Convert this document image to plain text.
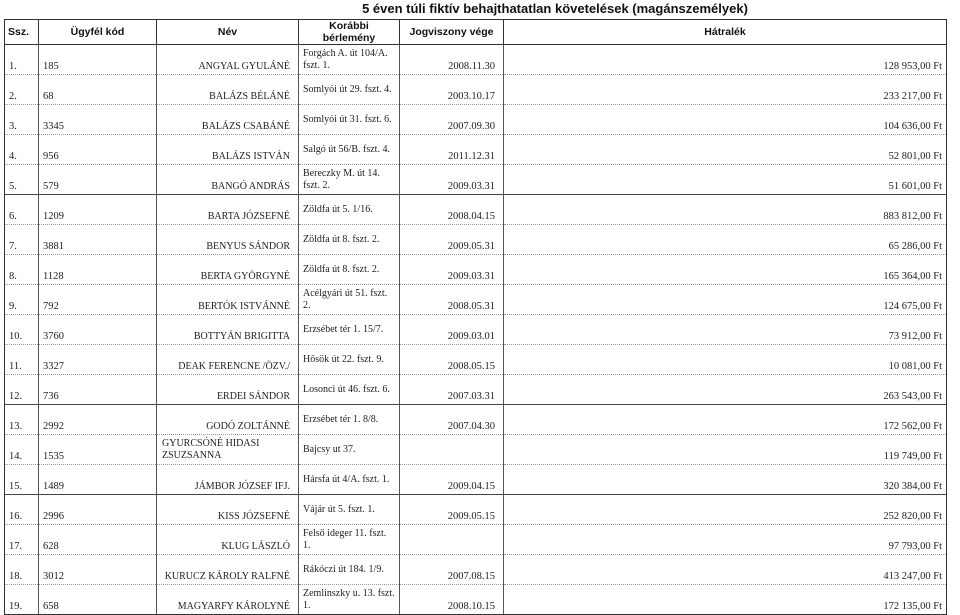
5 éven túli fiktív behajthatatlan követelések (magánszemélyek)
Ssz.	Ügyfél kód	Név	Korábbi bérlemény	Jogviszony vége	Hátralék

1.	185	ANGYAL GYULÁNÉ	Forgách A. út 104/A. fszt. 1.	2008.11.30	128 953,00 Ft

2.	68	BALÁZS BÉLÁNÉ	Somlyói út 29. fszt. 4.	2003.10.17	233 217,00 Ft

3.	3345	BALÁZS CSABÁNÉ	Somlyói út 31. fszt. 6.	2007.09.30	104 636,00 Ft

4.	956	BALÁZS ISTVÁN	Salgó út 56/B. fszt. 4.	2011.12.31	52 801,00 Ft

5.	579	BANGÓ ANDRÁS	Bereczky M. út 14. fszt. 2.	2009.03.31	51 601,00 Ft

6.	1209	BARTA JÓZSEFNÉ	Zöldfa út 5. 1/16.	2008.04.15	883 812,00 Ft

7.	3881	BENYUS SÁNDOR	Zöldfa út 8. fszt. 2.	2009.05.31	65 286,00 Ft

8.	1128	BERTA GYÖRGYNÉ	Zöldfa út 8. fszt. 2.	2009.03.31	165 364,00 Ft

9.	792	BERTÓK ISTVÁNNÉ	Acélgyári út 51. fszt. 2.	2008.05.31	124 675,00 Ft

10.	3760	BOTTYÁN BRIGITTA	Erzsébet tér 1. 15/7.	2009.03.01	73 912,00 Ft

11.	3327	DEAK FERENCNE /ÖZV./	Hősök út 22. fszt. 9.	2008.05.15	10 081,00 Ft

12.	736	ERDEI SÁNDOR	Losonci út 46. fszt. 6.	2007.03.31	263 543,00 Ft

13.	2992	GODÓ ZOLTÁNNÉ	Erzsébet tér 1. 8/8.	2007.04.30	172 562,00 Ft

14.	1535	GYURCSÓNÉ HIDASI ZSUZSANNA	Bajcsy ut 37.		119 749,00 Ft

15.	1489	JÁMBOR JÓZSEF IFJ.	Hársfa út 4/A. fszt. 1.	2009.04.15	320 384,00 Ft

16.	2996	KISS JÓZSEFNÉ	Vájár út 5. fszt. 1.	2009.05.15	252 820,00 Ft

17.	628	KLUG LÁSZLÓ	Felső ideger 11. fszt. 1.		97 793,00 Ft

18.	3012	KURUCZ KÁROLY RALFNÉ	Rákóczi út 184. 1/9.	2007.08.15	413 247,00 Ft

19.	658	MAGYARFY KÁROLYNÉ	Zemlinszky u. 13. fszt. 1.	2008.10.15	172 135,00 Ft
